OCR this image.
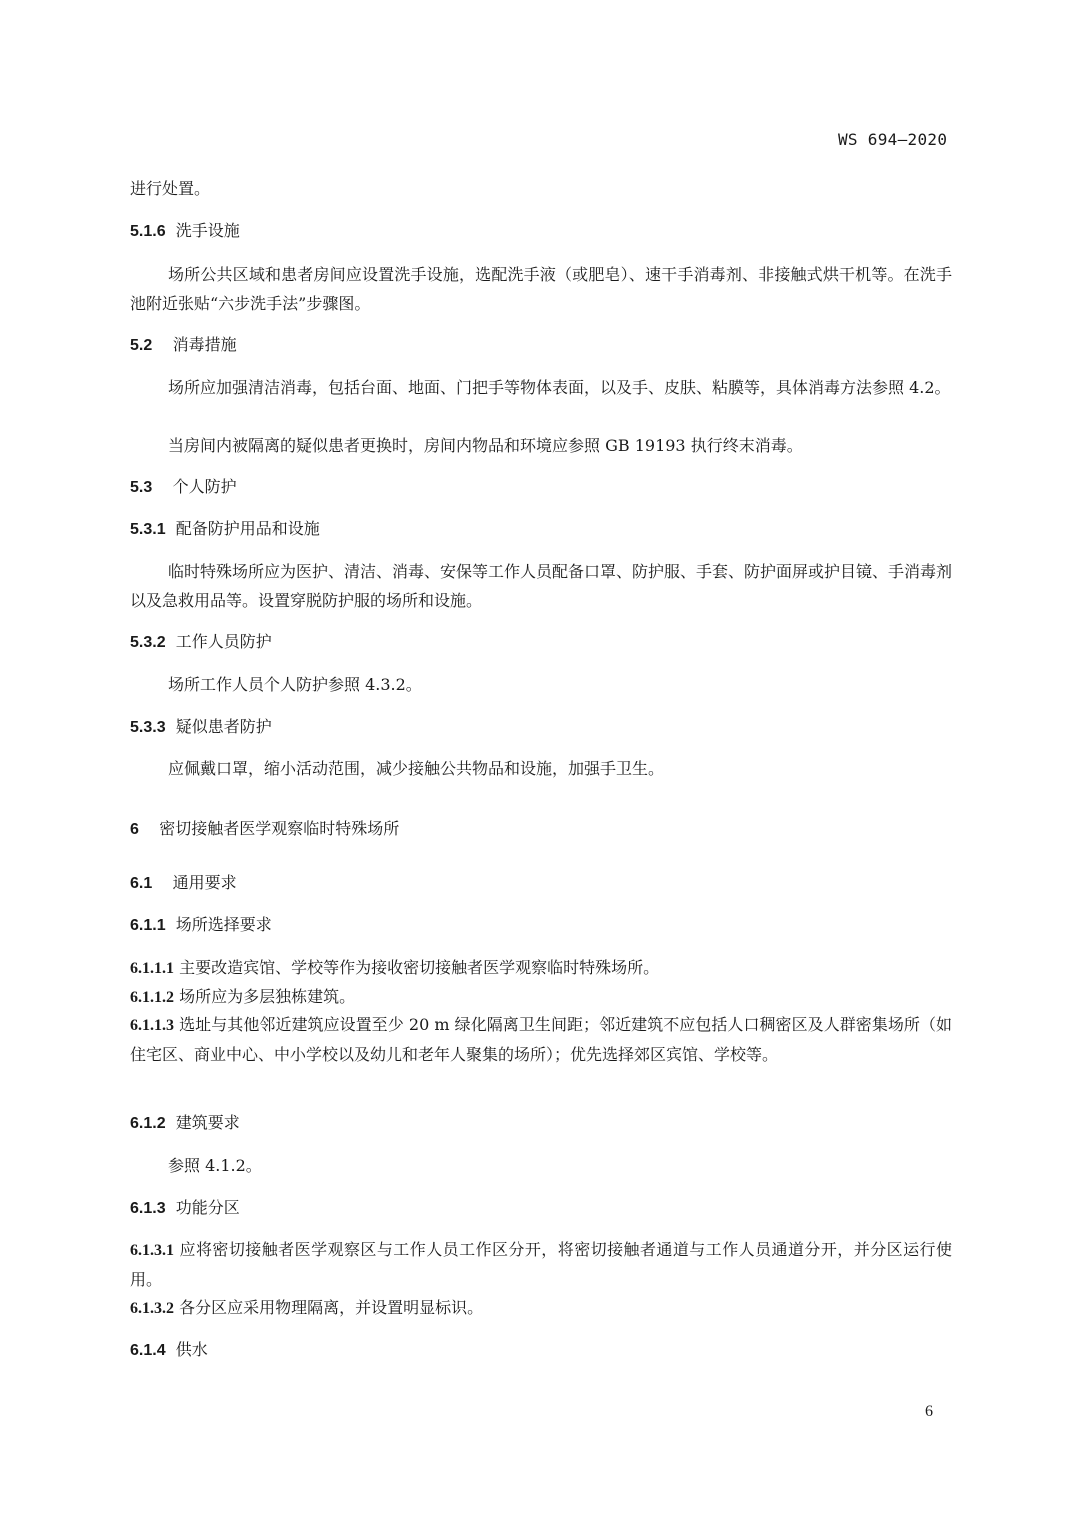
WS 694—2020
进行处置。
5.1.6 洗手设施
场所公共区域和患者房间应设置洗手设施，选配洗手液（或肥皂）、速干手消毒剂、非接触式烘干机等。在洗手池附近张贴“六步洗手法”步骤图。
5.2 消毒措施
场所应加强清洁消毒，包括台面、地面、门把手等物体表面，以及手、皮肤、粘膜等，具体消毒方法参照 4.2。
当房间内被隔离的疑似患者更换时，房间内物品和环境应参照 GB 19193 执行终末消毒。
5.3 个人防护
5.3.1 配备防护用品和设施
临时特殊场所应为医护、清洁、消毒、安保等工作人员配备口罩、防护服、手套、防护面屏或护目镜、手消毒剂以及急救用品等。设置穿脱防护服的场所和设施。
5.3.2 工作人员防护
场所工作人员个人防护参照 4.3.2。
5.3.3 疑似患者防护
应佩戴口罩，缩小活动范围，减少接触公共物品和设施，加强手卫生。
6 密切接触者医学观察临时特殊场所
6.1 通用要求
6.1.1 场所选择要求
6.1.1.1 主要改造宾馆、学校等作为接收密切接触者医学观察临时特殊场所。
6.1.1.2 场所应为多层独栋建筑。
6.1.1.3 选址与其他邻近建筑应设置至少 20 m 绿化隔离卫生间距；邻近建筑不应包括人口稠密区及人群密集场所（如住宅区、商业中心、中小学校以及幼儿和老年人聚集的场所）；优先选择郊区宾馆、学校等。
6.1.2 建筑要求
参照 4.1.2。
6.1.3 功能分区
6.1.3.1 应将密切接触者医学观察区与工作人员工作区分开，将密切接触者通道与工作人员通道分开，并分区运行使用。
6.1.3.2 各分区应采用物理隔离，并设置明显标识。
6.1.4 供水
6
